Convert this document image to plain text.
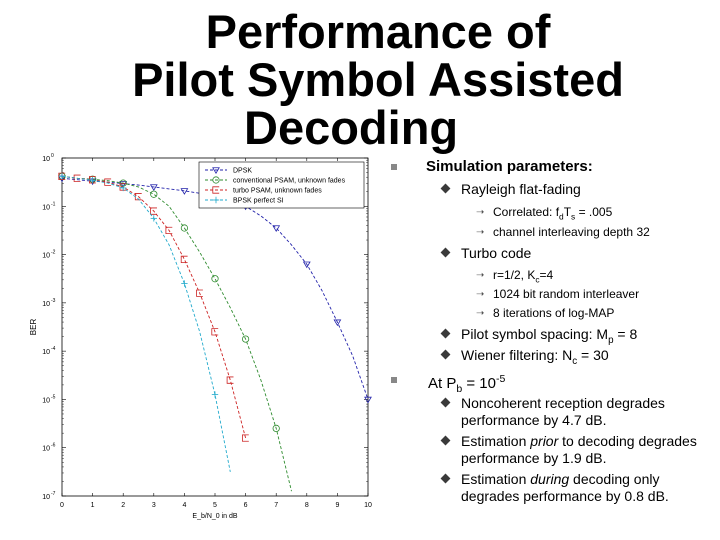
Performance of
Pilot Symbol Assisted
Decoding
0	1	2	3	4	5	6	7	8	9	10
10 0
10 -1
10 -2
10 -3
10 -4
10 -5
10 -6
10 -7
E_b/N_0 in dB
BER
DPSK
conventional PSAM, unknown fades
turbo PSAM, unknown fades
BPSK perfect SI
Simulation parameters:
Rayleigh flat-fading
➝ Correlated: $f_dT_s = .005$
➝ channel interleaving depth 32
Turbo code
➝ r=1/2, $K_c=4$
➝ 1024 bit random interleaver
➝ 8 iterations of log-MAP
Pilot symbol spacing: $M_p = 8$
Wiener filtering: $N_c = 30$
At $P_b = 10^{-5}$
Noncoherent reception degrades
performance by 4.7 dB.
Estimation prior to decoding degrades
performance by 1.9 dB.
Estimation during decoding only
degrades performance by 0.8 dB.
